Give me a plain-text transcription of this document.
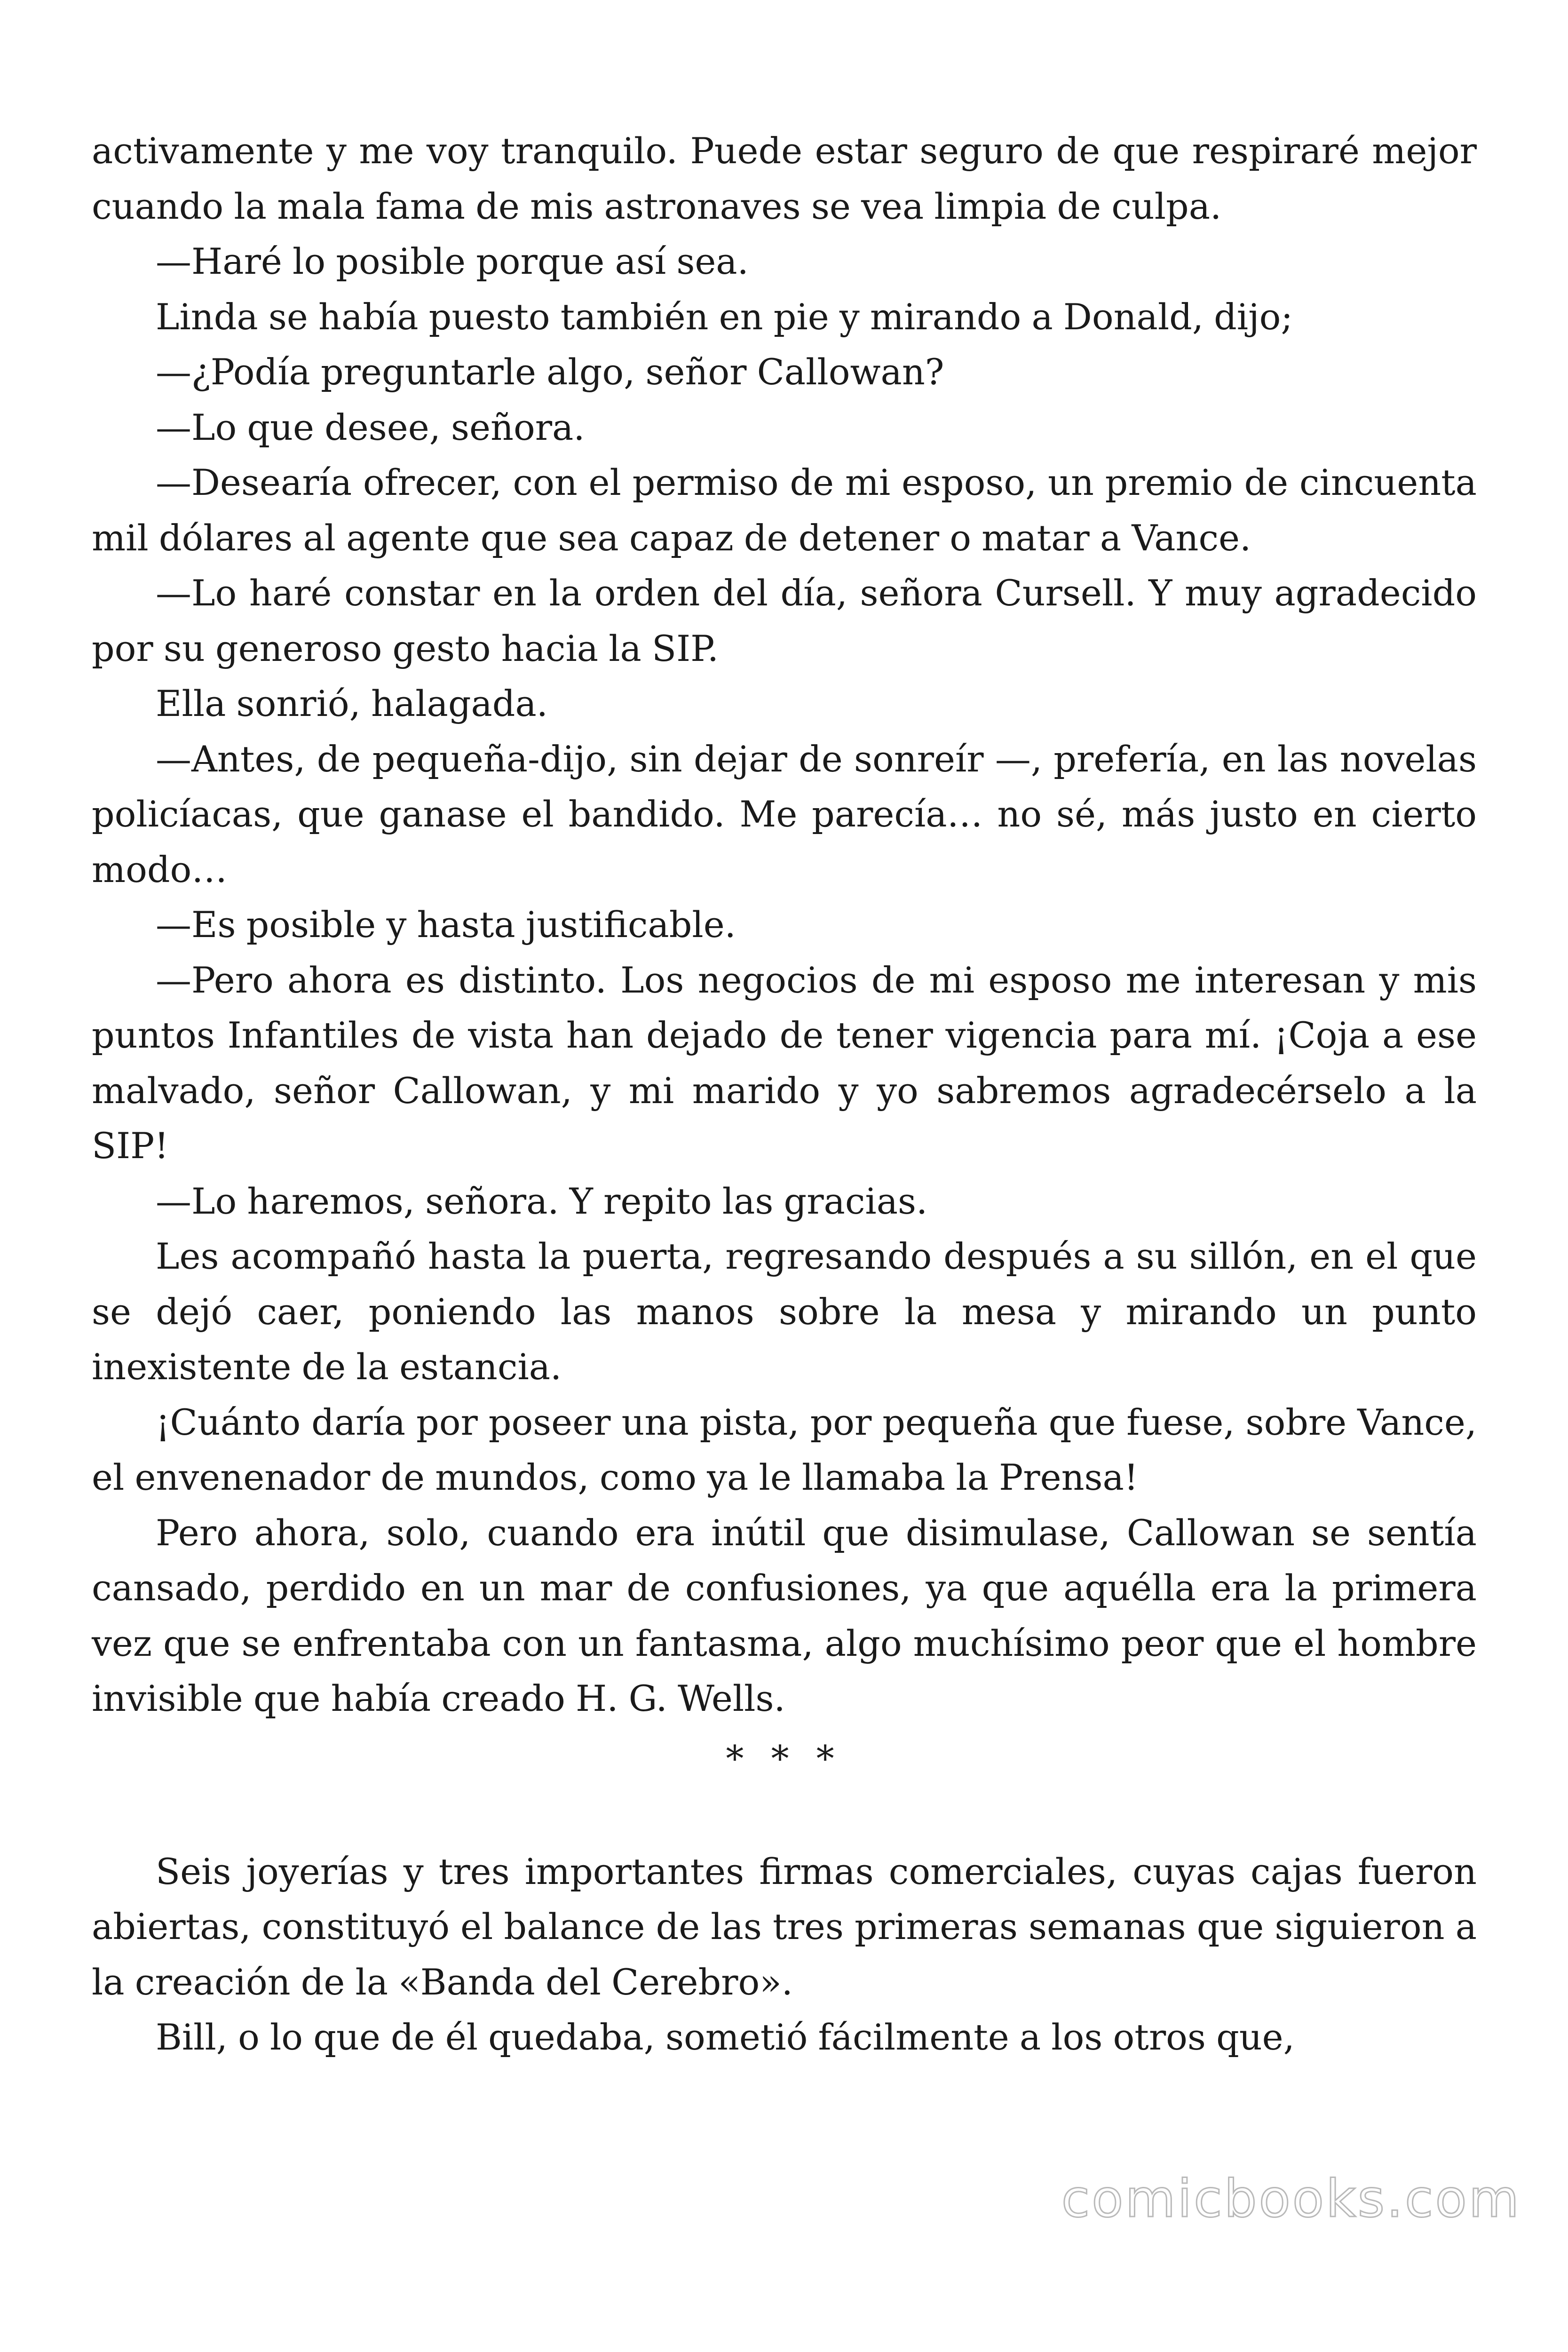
activamente y me voy tranquilo. Puede estar seguro de que respiraré mejor cuando la mala fama de mis astronaves se vea limpia de culpa.

—Haré lo posible porque así sea.

Linda se había puesto también en pie y mirando a Donald, dijo;

—¿Podía preguntarle algo, señor Callowan?

—Lo que desee, señora.

—Desearía ofrecer, con el permiso de mi esposo, un premio de cincuenta mil dólares al agente que sea capaz de detener o matar a Vance.

—Lo haré constar en la orden del día, señora Cursell. Y muy agradecido por su generoso gesto hacia la SIP.

Ella sonrió, halagada.

—Antes, de pequeña-dijo, sin dejar de sonreír —, prefería, en las novelas policíacas, que ganase el bandido. Me parecía… no sé, más justo en cierto modo…

—Es posible y hasta justificable.

—Pero ahora es distinto. Los negocios de mi esposo me interesan y mis puntos Infantiles de vista han dejado de tener vigencia para mí. ¡Coja a ese malvado, señor Callowan, y mi marido y yo sabremos agradecérselo a la SIP!

—Lo haremos, señora. Y repito las gracias.

Les acompañó hasta la puerta, regresando después a su sillón, en el que se dejó caer, poniendo las manos sobre la mesa y mirando un punto inexistente de la estancia.

¡Cuánto daría por poseer una pista, por pequeña que fuese, sobre Vance, el envenenador de mundos, como ya le llamaba la Prensa!

Pero ahora, solo, cuando era inútil que disimulase, Callowan se sentía cansado, perdido en un mar de confusiones, ya que aquélla era la primera vez que se enfrentaba con un fantasma, algo muchísimo peor que el hombre invisible que había creado H. G. Wells.

* * *

Seis joyerías y tres importantes firmas comerciales, cuyas cajas fueron abiertas, constituyó el balance de las tres primeras semanas que siguieron a la creación de la «Banda del Cerebro».

Bill, o lo que de él quedaba, sometió fácilmente a los otros que,

comicbooks.com
